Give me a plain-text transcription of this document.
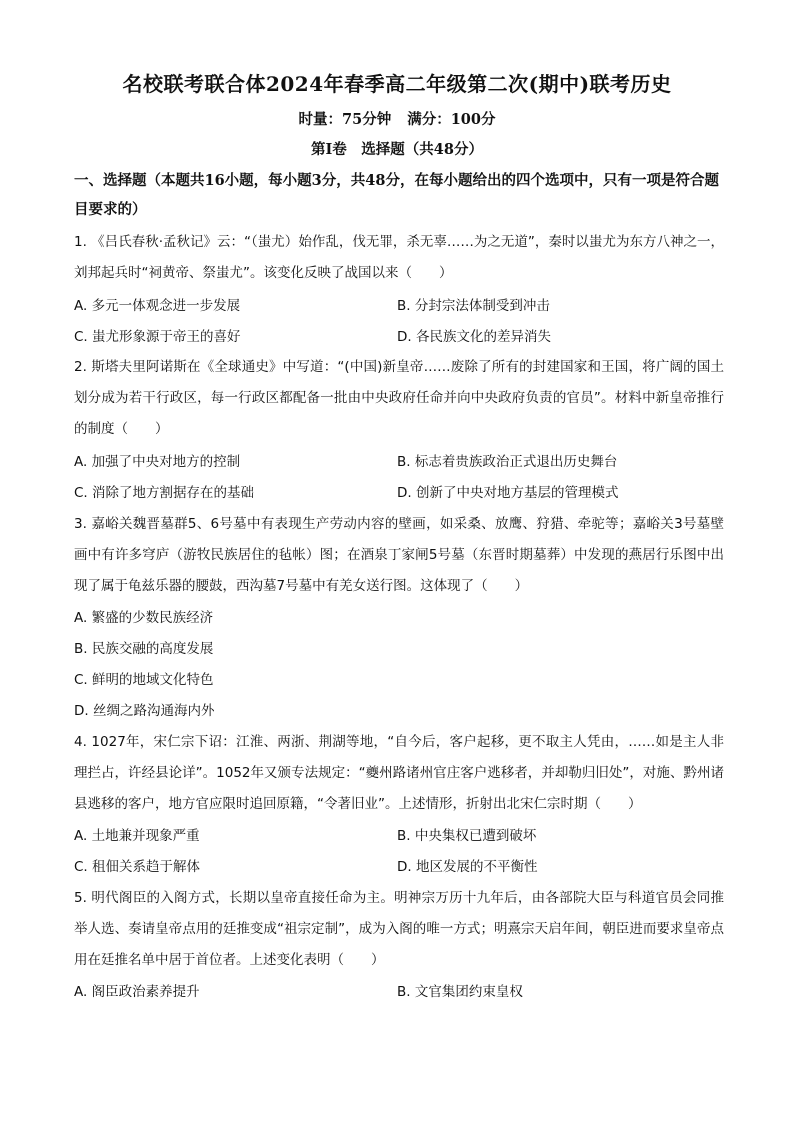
名校联考联合体2024年春季高二年级第二次(期中)联考历史
时量：75分钟 满分：100分
第Ⅰ卷　选择题（共48分）
一、选择题（本题共16小题，每小题3分，共48分，在每小题给出的四个选项中，只有一项是符合题目要求的）
1. 《吕氏春秋·孟秋记》云：“（蚩尤）始作乱，伐无罪，杀无辜……为之无道”，秦时以蚩尤为东方八神之一，刘邦起兵时“祠黄帝、祭蚩尤”。该变化反映了战国以来（　　）
A. 多元一体观念进一步发展	B. 分封宗法体制受到冲击
C. 蚩尤形象源于帝王的喜好	D. 各民族文化的差异消失
2. 斯塔夫里阿诺斯在《全球通史》中写道：“(中国)新皇帝……废除了所有的封建国家和王国，将广阔的国土划分成为若干行政区，每一行政区都配备一批由中央政府任命并向中央政府负责的官员”。材料中新皇帝推行的制度（　　）
A. 加强了中央对地方的控制	B. 标志着贵族政治正式退出历史舞台
C. 消除了地方割据存在的基础	D. 创新了中央对地方基层的管理模式
3. 嘉峪关魏晋墓群5、6号墓中有表现生产劳动内容的壁画，如采桑、放鹰、狩猎、牵驼等；嘉峪关3号墓壁画中有许多穹庐（游牧民族居住的毡帐）图；在酒泉丁家闸5号墓（东晋时期墓葬）中发现的燕居行乐图中出现了属于龟兹乐器的腰鼓，西沟墓7号墓中有羌女送行图。这体现了（　　）
A. 繁盛的少数民族经济
B. 民族交融的高度发展
C. 鲜明的地域文化特色
D. 丝绸之路沟通海内外
4. 1027年，宋仁宗下诏：江淮、两浙、荆湖等地，“自今后，客户起移，更不取主人凭由，……如是主人非理拦占，许经县论详”。1052年又颁专法规定：“夔州路诸州官庄客户逃移者，并却勒归旧处”，对施、黔州诸县逃移的客户，地方官应限时追回原籍，“令著旧业”。上述情形，折射出北宋仁宗时期（　　）
A. 土地兼并现象严重	B. 中央集权已遭到破坏
C. 租佃关系趋于解体	D. 地区发展的不平衡性
5. 明代阁臣的入阁方式，长期以皇帝直接任命为主。明神宗万历十九年后，由各部院大臣与科道官员会同推举人选、奏请皇帝点用的廷推变成“祖宗定制”，成为入阁的唯一方式；明熹宗天启年间，朝臣进而要求皇帝点用在廷推名单中居于首位者。上述变化表明（　　）
A. 阁臣政治素养提升	B. 文官集团约束皇权
